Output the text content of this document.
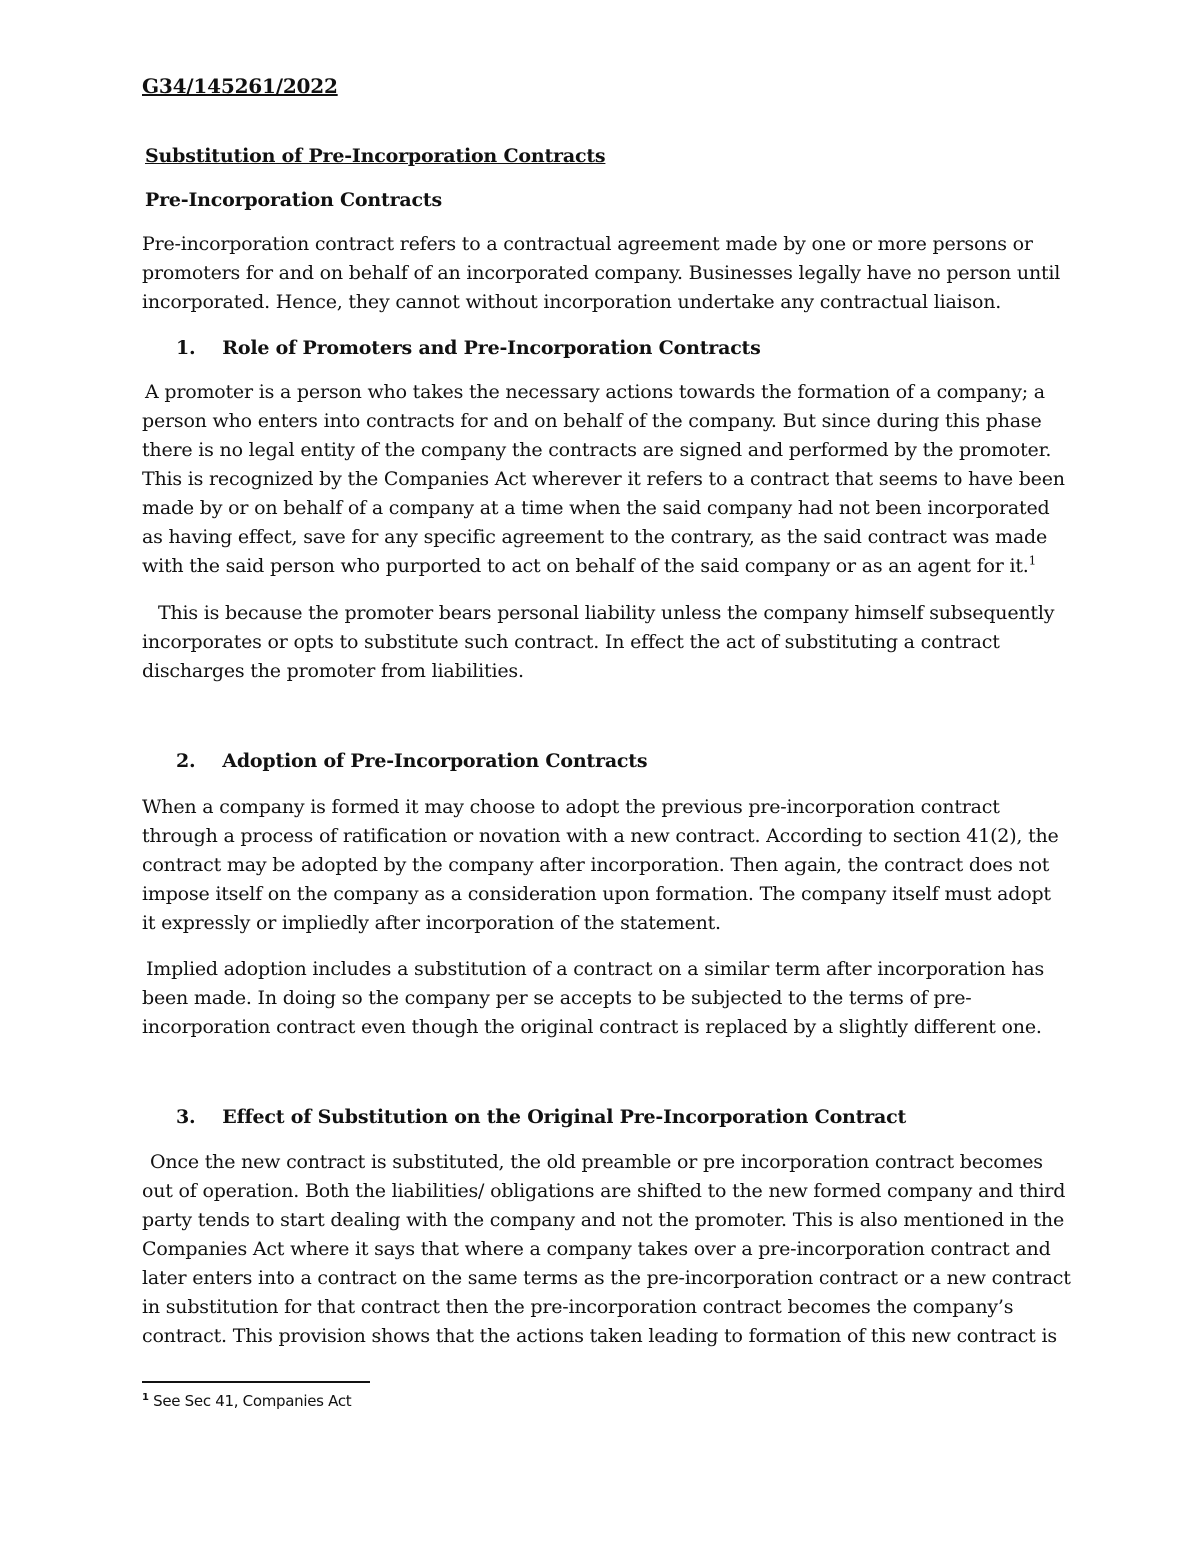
G34/145261/2022
Substitution of Pre-Incorporation Contracts
Pre-Incorporation Contracts
Pre-incorporation contract refers to a contractual agreement made by one or more persons or
promoters for and on behalf of an incorporated company. Businesses legally have no person until
incorporated. Hence, they cannot without incorporation undertake any contractual liaison.
1. Role of Promoters and Pre-Incorporation Contracts
A promoter is a person who takes the necessary actions towards the formation of a company; a
person who enters into contracts for and on behalf of the company. But since during this phase
there is no legal entity of the company the contracts are signed and performed by the promoter.
This is recognized by the Companies Act wherever it refers to a contract that seems to have been
made by or on behalf of a company at a time when the said company had not been incorporated
as having effect, save for any specific agreement to the contrary, as the said contract was made
with the said person who purported to act on behalf of the said company or as an agent for it.$^1$
This is because the promoter bears personal liability unless the company himself subsequently
incorporates or opts to substitute such contract. In effect the act of substituting a contract
discharges the promoter from liabilities.
2. Adoption of Pre-Incorporation Contracts
When a company is formed it may choose to adopt the previous pre-incorporation contract
through a process of ratification or novation with a new contract. According to section 41(2), the
contract may be adopted by the company after incorporation. Then again, the contract does not
impose itself on the company as a consideration upon formation. The company itself must adopt
it expressly or impliedly after incorporation of the statement.
Implied adoption includes a substitution of a contract on a similar term after incorporation has
been made. In doing so the company per se accepts to be subjected to the terms of pre-
incorporation contract even though the original contract is replaced by a slightly different one.
3. Effect of Substitution on the Original Pre-Incorporation Contract
Once the new contract is substituted, the old preamble or pre incorporation contract becomes
out of operation. Both the liabilities/ obligations are shifted to the new formed company and third
party tends to start dealing with the company and not the promoter. This is also mentioned in the
Companies Act where it says that where a company takes over a pre-incorporation contract and
later enters into a contract on the same terms as the pre-incorporation contract or a new contract
in substitution for that contract then the pre-incorporation contract becomes the company’s
contract. This provision shows that the actions taken leading to formation of this new contract is
$^1$ See Sec 41, Companies Act
